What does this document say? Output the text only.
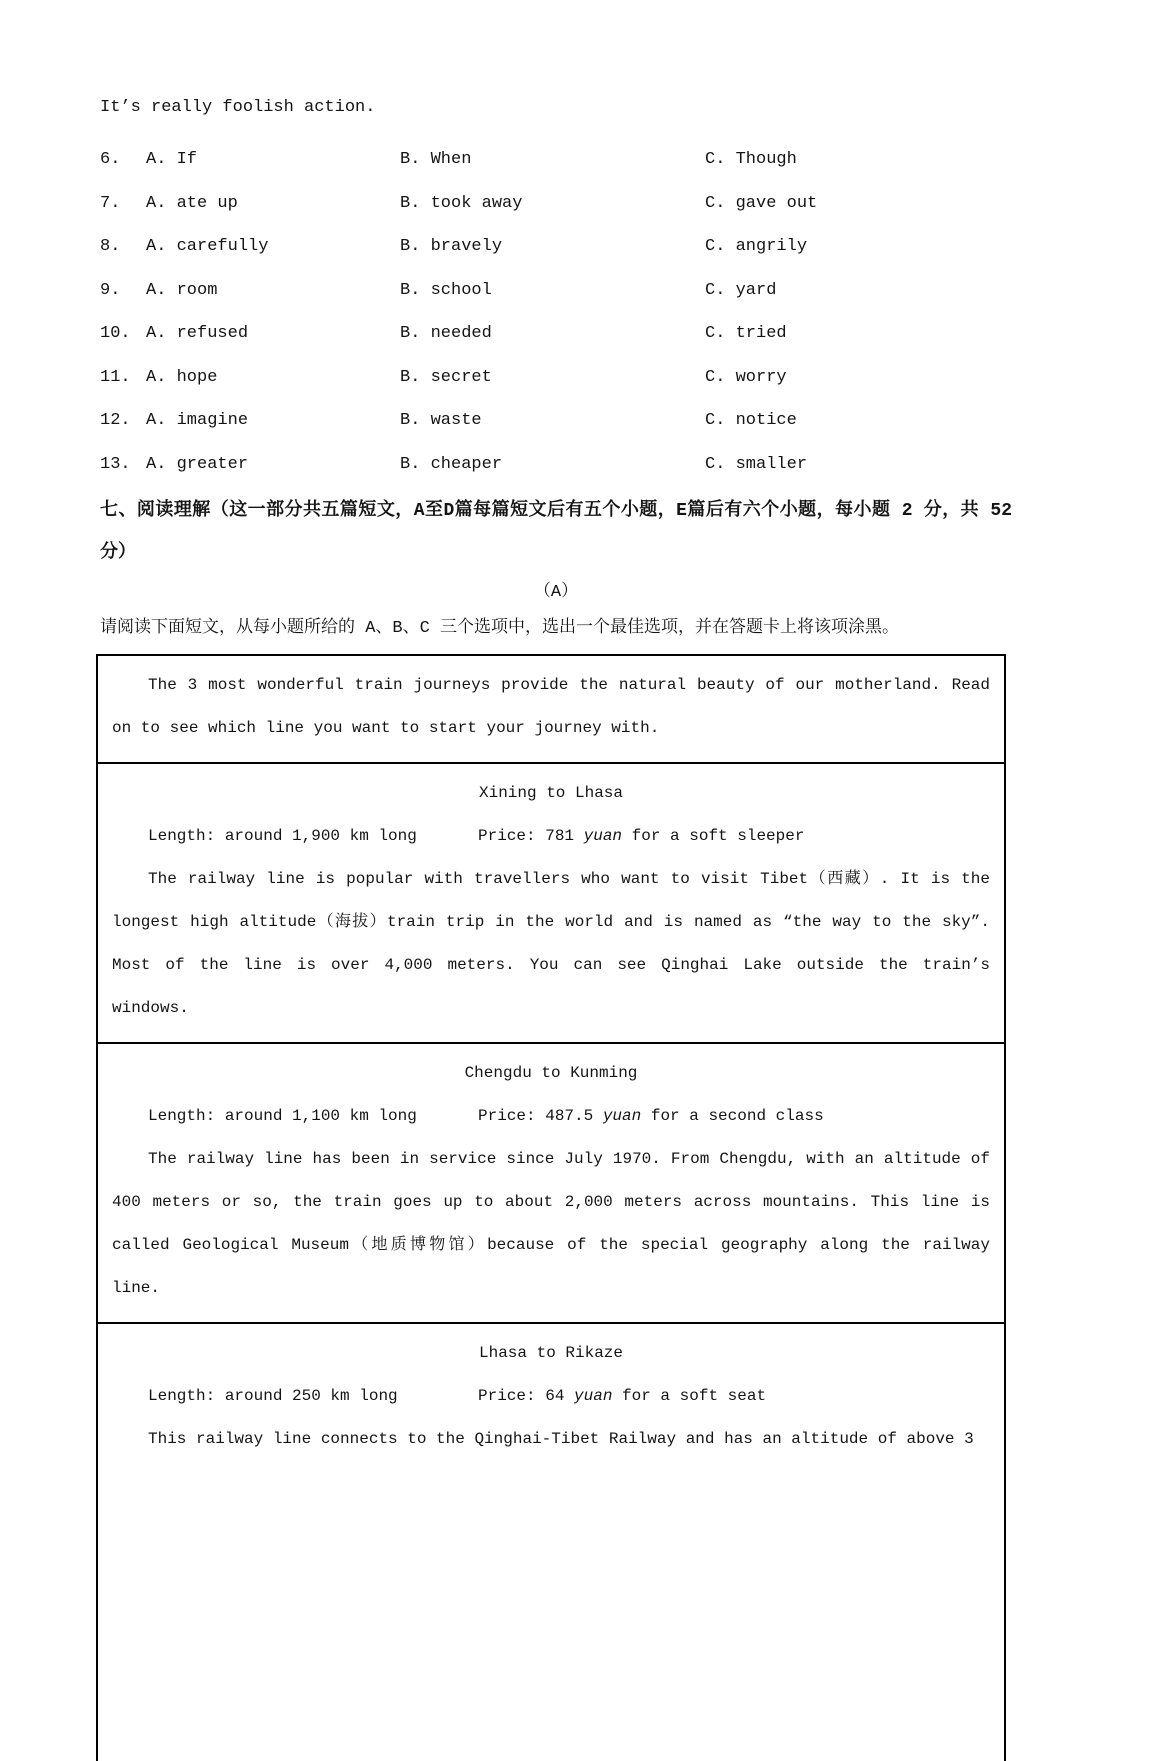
It’s really foolish action.
6.	A. If	B. When	C. Though
7.	A. ate up	B. took away	C. gave out
8.	A. carefully	B. bravely	C. angrily
9.	A. room	B. school	C. yard
10. A. refused	B. needed	C. tried
11. A. hope	B. secret	C. worry
12. A. imagine	B. waste	C. notice
13. A. greater	B. cheaper	C. smaller
七、阅读理解（这一部分共五篇短文，A至D篇每篇短文后有五个小题，E篇后有六个小题，每小题 2 分，共 52 分）
（A）
请阅读下面短文，从每小题所给的 A、B、C 三个选项中，选出一个最佳选项，并在答题卡上将该项涂黑。

The 3 most wonderful train journeys provide the natural beauty of our motherland. Read on to see which line you want to start your journey with.

Xining to Lhasa
Length: around 1,900 km long	Price: 781 yuan for a soft sleeper

The railway line is popular with travellers who want to visit Tibet（西藏）. It is the longest high altitude（海拔）train trip in the world and is named as “the way to the sky”. Most of the line is over 4,000 meters. You can see Qinghai Lake outside the train’s windows.

Chengdu to Kunming
Length: around 1,100 km long	Price: 487.5 yuan for a second class

The railway line has been in service since July 1970. From Chengdu, with an altitude of 400 meters or so, the train goes up to about 2,000 meters across mountains. This line is called Geological Museum（地质博物馆）because of the special geography along the railway line.

Lhasa to Rikaze
Length: around 250 km long	Price: 64 yuan for a soft seat

This railway line connects to the Qinghai-Tibet Railway and has an altitude of above 3
